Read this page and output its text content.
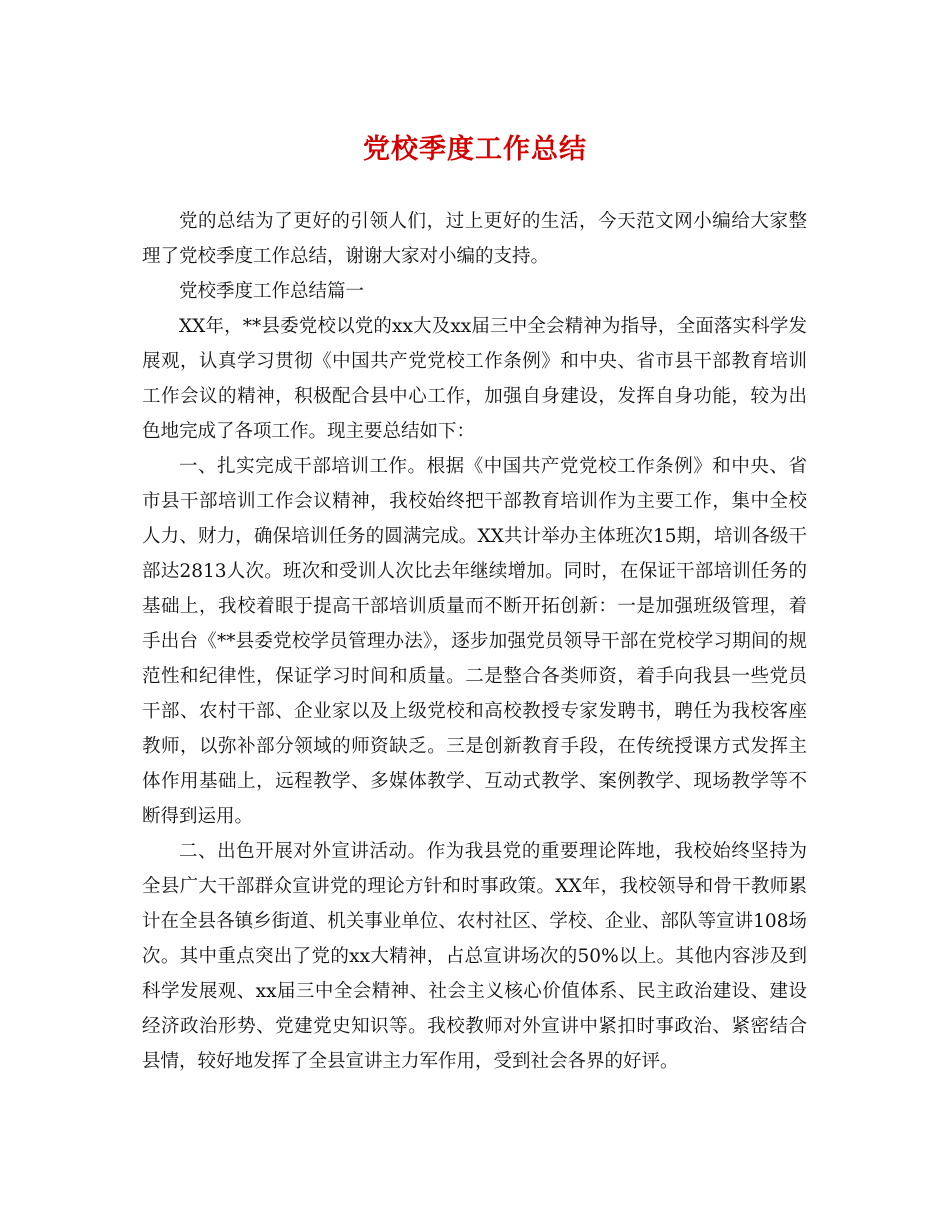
党校季度工作总结

党的总结为了更好的引领人们，过上更好的生活，今天范文网小编给大家整理了党校季度工作总结，谢谢大家对小编的支持。

党校季度工作总结篇一

XX年，**县委党校以党的xx大及xx届三中全会精神为指导，全面落实科学发展观，认真学习贯彻《中国共产党党校工作条例》和中央、省市县干部教育培训工作会议的精神，积极配合县中心工作，加强自身建设，发挥自身功能，较为出色地完成了各项工作。现主要总结如下：

一、扎实完成干部培训工作。根据《中国共产党党校工作条例》和中央、省市县干部培训工作会议精神，我校始终把干部教育培训作为主要工作，集中全校人力、财力，确保培训任务的圆满完成。XX共计举办主体班次15期，培训各级干部达2813人次。班次和受训人次比去年继续增加。同时，在保证干部培训任务的基础上，我校着眼于提高干部培训质量而不断开拓创新：一是加强班级管理，着手出台《**县委党校学员管理办法》，逐步加强党员领导干部在党校学习期间的规范性和纪律性，保证学习时间和质量。二是整合各类师资，着手向我县一些党员干部、农村干部、企业家以及上级党校和高校教授专家发聘书，聘任为我校客座教师，以弥补部分领域的师资缺乏。三是创新教育手段，在传统授课方式发挥主体作用基础上，远程教学、多媒体教学、互动式教学、案例教学、现场教学等不断得到运用。

二、出色开展对外宣讲活动。作为我县党的重要理论阵地，我校始终坚持为全县广大干部群众宣讲党的理论方针和时事政策。XX年，我校领导和骨干教师累计在全县各镇乡街道、机关事业单位、农村社区、学校、企业、部队等宣讲108场次。其中重点突出了党的xx大精神，占总宣讲场次的50%以上。其他内容涉及到科学发展观、xx届三中全会精神、社会主义核心价值体系、民主政治建设、建设经济政治形势、党建党史知识等。我校教师对外宣讲中紧扣时事政治、紧密结合县情，较好地发挥了全县宣讲主力军作用，受到社会各界的好评。
